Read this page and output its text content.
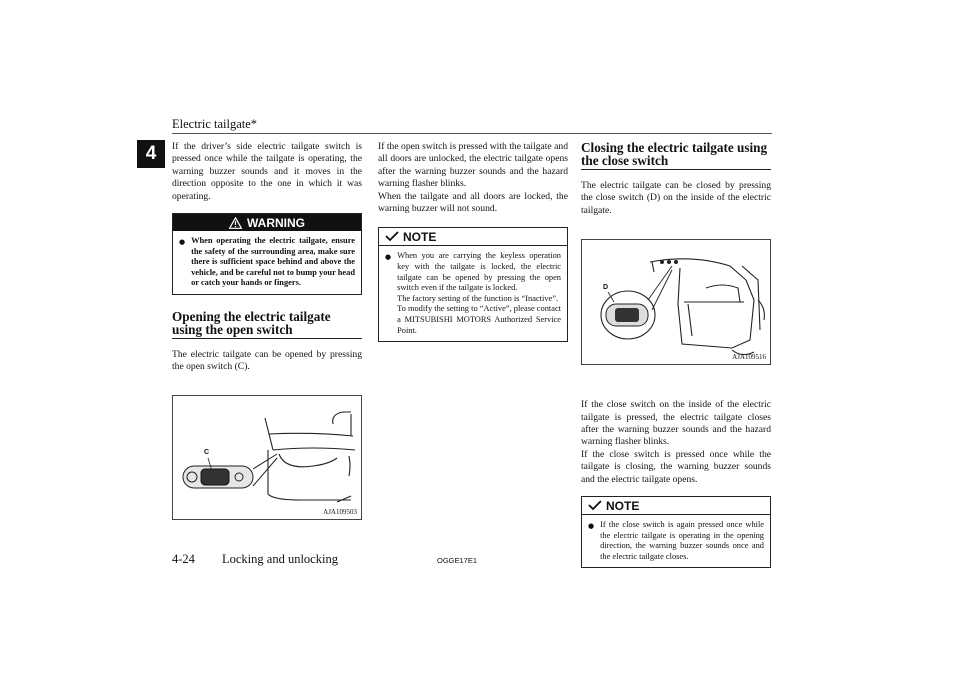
Electric tailgate*
4	If the driver’s side electric tailgate switch is pressed once while the tailgate is operating, the warning buzzer sounds and it moves in the direction opposite to the one in which it was operating.

WARNING
● When operating the electric tailgate, ensure the safety of the surrounding area, make sure there is sufficient space behind and above the vehicle, and be careful not to bump your head or catch your hands or fingers.
Opening the electric tailgate using the open switch

The electric tailgate can be opened by pressing the open switch (C).

C
AJA109503

If the open switch is pressed with the tailgate and all doors are unlocked, the electric tailgate opens after the warning buzzer sounds and the hazard warning flasher blinks.

When the tailgate and all doors are locked, the warning buzzer will not sound.

NOTE
● When you are carrying the keyless operation key with the tailgate is locked, the electric tailgate can be opened by pressing the open switch even if the tailgate is locked.

The factory setting of the function is “Inactive”.

To modify the setting to “Active”, please contact a MITSUBISHI MOTORS Authorized Service Point.

Closing the electric tailgate using the close switch

The electric tailgate can be closed by pressing the close switch (D) on the inside of the electric tailgate.

D
AJA109516

If the close switch on the inside of the electric tailgate is pressed, the electric tailgate closes after the warning buzzer sounds and the hazard warning flasher blinks.

If the close switch is pressed once while the tailgate is closing, the warning buzzer sounds and the electric tailgate opens.

NOTE
● If the close switch is again pressed once while the electric tailgate is operating in the opening direction, the warning buzzer sounds once and the electric tailgate closes.
4-24 Locking and unlocking	OGGE17E1
